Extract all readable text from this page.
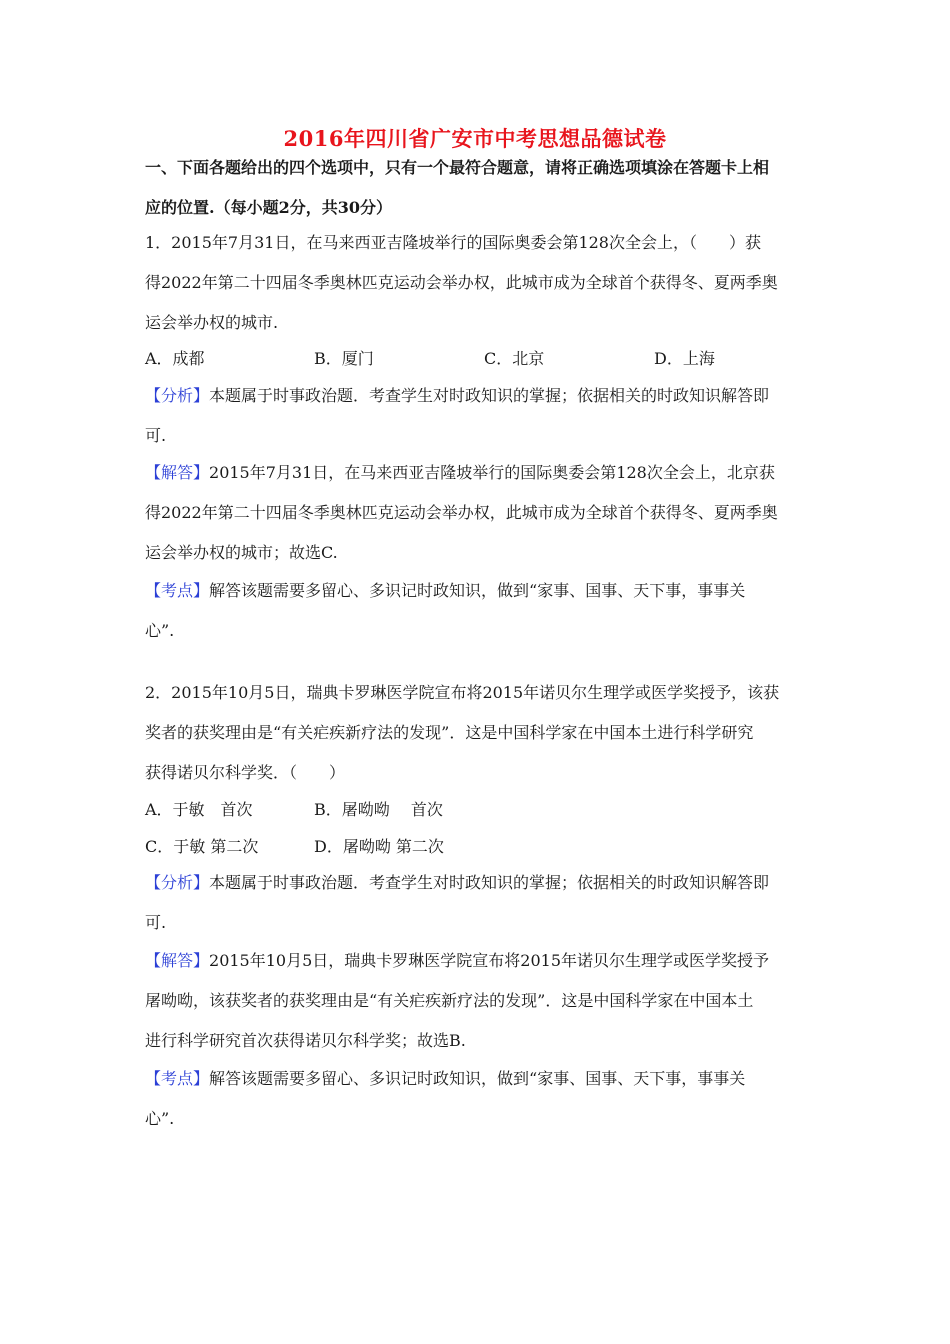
2016年四川省广安市中考思想品德试卷
一、下面各题给出的四个选项中，只有一个最符合题意，请将正确选项填涂在答题卡上相
应的位置.（每小题2分，共30分）
1．2015年7月31日，在马来西亚吉隆坡举行的国际奥委会第128次全会上，（　　）获
得2022年第二十四届冬季奥林匹克运动会举办权，此城市成为全球首个获得冬、夏两季奥
运会举办权的城市.
A．成都	B．厦门	C．北京	D．上海
【分析】本题属于时事政治题．考查学生对时政知识的掌握；依据相关的时政知识解答即
可.
【解答】2015年7月31日，在马来西亚吉隆坡举行的国际奥委会第128次全会上，北京获
得2022年第二十四届冬季奥林匹克运动会举办权，此城市成为全球首个获得冬、夏两季奥
运会举办权的城市；故选C.
【考点】解答该题需要多留心、多识记时政知识，做到“家事、国事、天下事，事事关
心”.
2．2015年10月5日，瑞典卡罗琳医学院宣布将2015年诺贝尔生理学或医学奖授予，该获
奖者的获奖理由是“有关疟疾新疗法的发现”．这是中国科学家在中国本土进行科学研究
获得诺贝尔科学奖．（　　）
A．于敏　首次	B．屠呦呦　 首次
C．于敏 第二次	D．屠呦呦 第二次
【分析】本题属于时事政治题．考查学生对时政知识的掌握；依据相关的时政知识解答即
可.
【解答】2015年10月5日，瑞典卡罗琳医学院宣布将2015年诺贝尔生理学或医学奖授予
屠呦呦，该获奖者的获奖理由是“有关疟疾新疗法的发现”．这是中国科学家在中国本土
进行科学研究首次获得诺贝尔科学奖；故选B.
【考点】解答该题需要多留心、多识记时政知识，做到“家事、国事、天下事，事事关
心”.
